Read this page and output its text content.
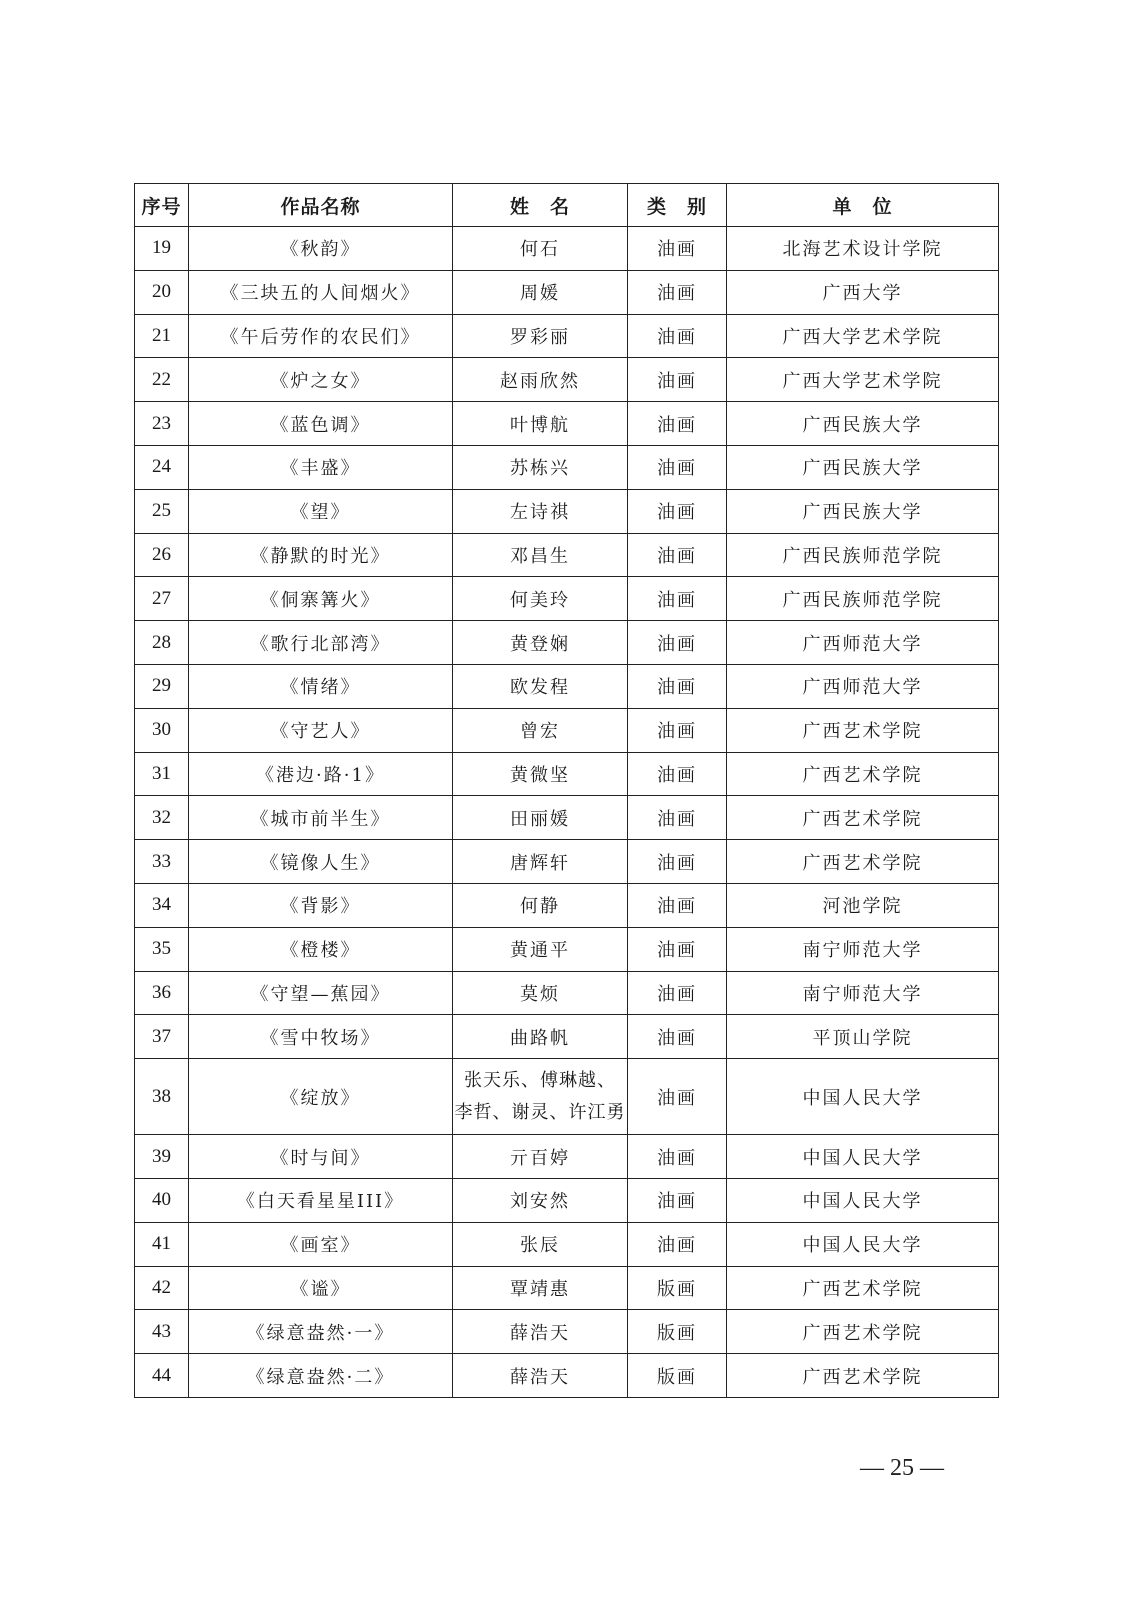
序号	作品名称	姓　名	类　别	单　位
19	《秋韵》	何石	油画	北海艺术设计学院
20	《三块五的人间烟火》	周媛	油画	广西大学
21	《午后劳作的农民们》	罗彩丽	油画	广西大学艺术学院
22	《炉之女》	赵雨欣然	油画	广西大学艺术学院
23	《蓝色调》	叶博航	油画	广西民族大学
24	《丰盛》	苏栋兴	油画	广西民族大学
25	《望》	左诗祺	油画	广西民族大学
26	《静默的时光》	邓昌生	油画	广西民族师范学院
27	《侗寨篝火》	何美玲	油画	广西民族师范学院
28	《歌行北部湾》	黄登娴	油画	广西师范大学
29	《情绪》	欧发程	油画	广西师范大学
30	《守艺人》	曾宏	油画	广西艺术学院
31	《港边·路·1》	黄微坚	油画	广西艺术学院
32	《城市前半生》	田丽媛	油画	广西艺术学院
33	《镜像人生》	唐辉轩	油画	广西艺术学院
34	《背影》	何静	油画	河池学院
35	《橙楼》	黄通平	油画	南宁师范大学
36	《守望—蕉园》	莫烦	油画	南宁师范大学
37	《雪中牧场》	曲路帆	油画	平顶山学院
38	《绽放》	张天乐、傅琳越、
李哲、谢灵、许江勇	油画	中国人民大学
39	《时与间》	亓百婷	油画	中国人民大学
40	《白天看星星III》	刘安然	油画	中国人民大学
41	《画室》	张辰	油画	中国人民大学
42	《谧》	覃靖惠	版画	广西艺术学院
43	《绿意盎然·一》	薛浩天	版画	广西艺术学院
44	《绿意盎然·二》	薛浩天	版画	广西艺术学院
— 25 —
